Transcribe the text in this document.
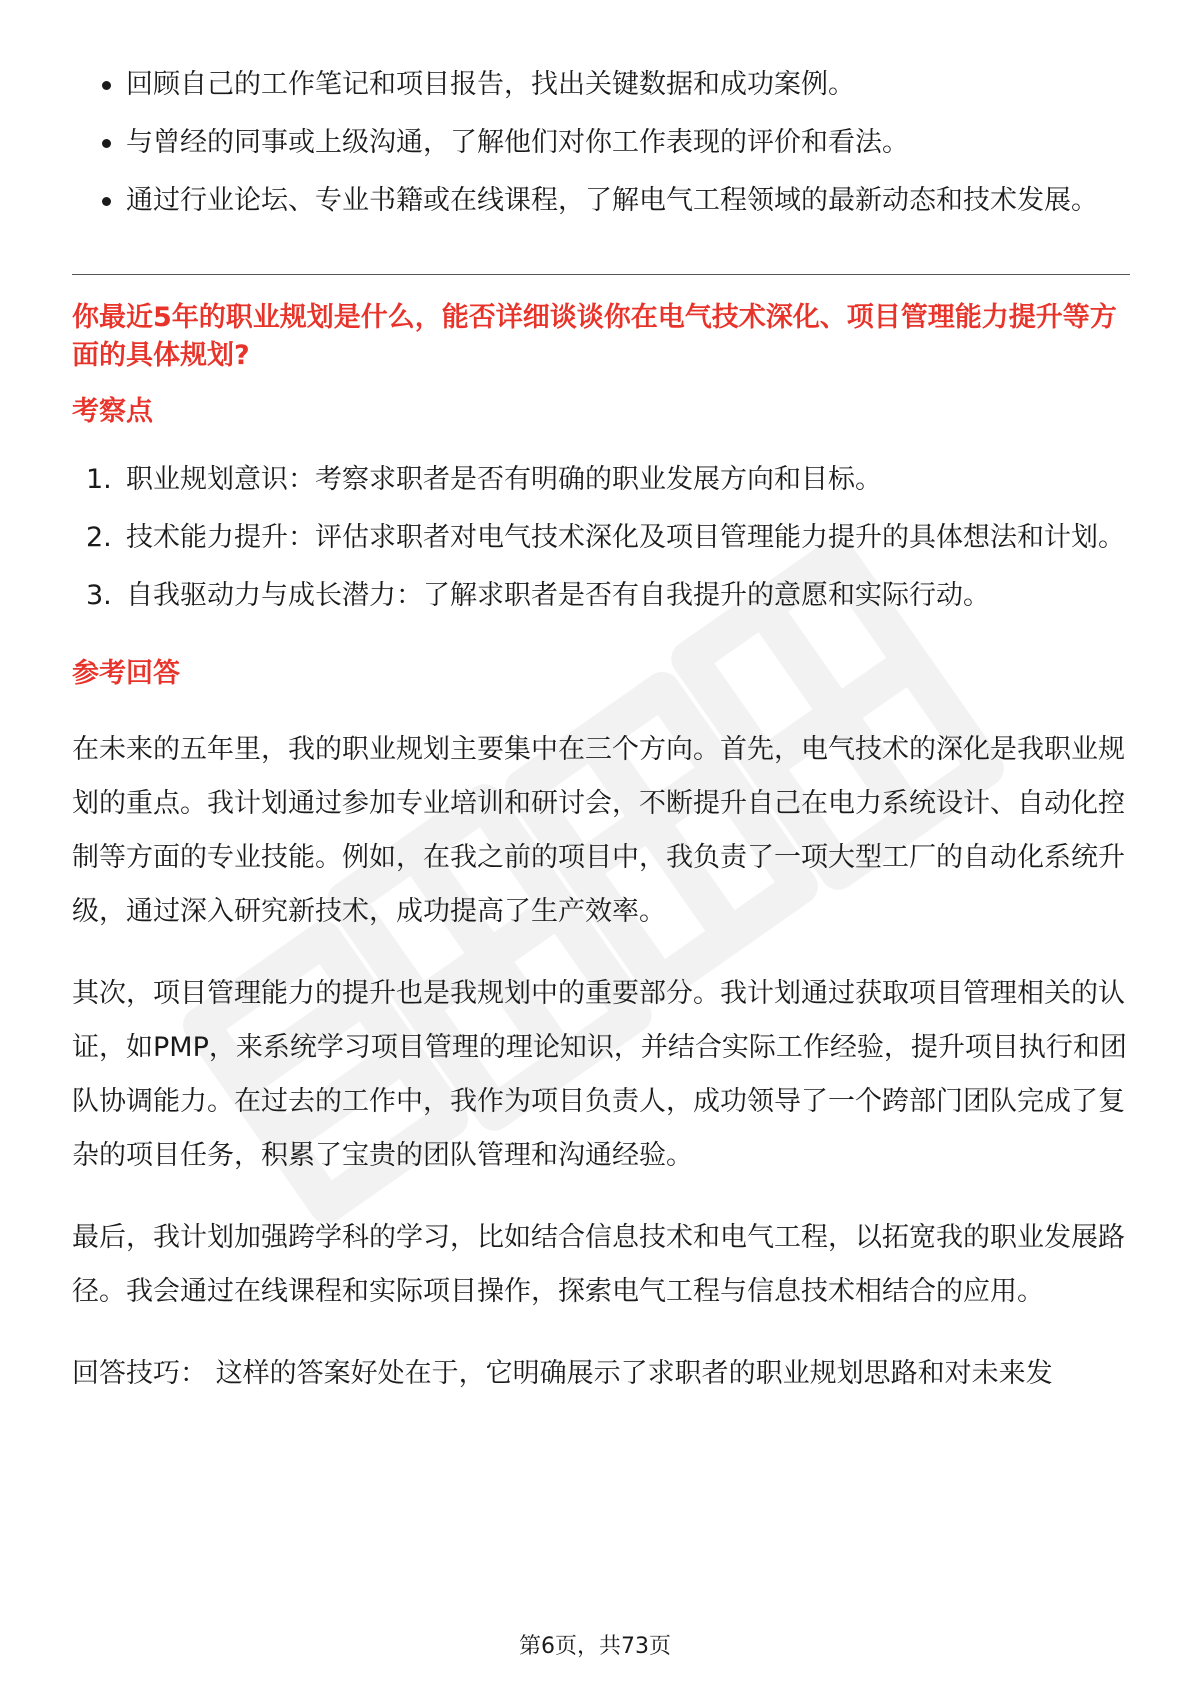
回顾自己的工作笔记和项目报告，找出关键数据和成功案例。
与曾经的同事或上级沟通，了解他们对你工作表现的评价和看法。
通过行业论坛、专业书籍或在线课程，了解电气工程领域的最新动态和技术发展。
你最近5年的职业规划是什么，能否详细谈谈你在电气技术深化、项目管理能力提升等方面的具体规划?
考察点
1. 职业规划意识：考察求职者是否有明确的职业发展方向和目标。
2. 技术能力提升：评估求职者对电气技术深化及项目管理能力提升的具体想法和计划。
3. 自我驱动力与成长潜力：了解求职者是否有自我提升的意愿和实际行动。
参考回答

在未来的五年里，我的职业规划主要集中在三个方向。首先，电气技术的深化是我职业规划的重点。我计划通过参加专业培训和研讨会，不断提升自己在电力系统设计、自动化控制等方面的专业技能。例如，在我之前的项目中，我负责了一项大型工厂的自动化系统升级，通过深入研究新技术，成功提高了生产效率。

其次，项目管理能力的提升也是我规划中的重要部分。我计划通过获取项目管理相关的认证，如PMP，来系统学习项目管理的理论知识，并结合实际工作经验，提升项目执行和团队协调能力。在过去的工作中，我作为项目负责人，成功领导了一个跨部门团队完成了复杂的项目任务，积累了宝贵的团队管理和沟通经验。

最后，我计划加强跨学科的学习，比如结合信息技术和电气工程，以拓宽我的职业发展路径。我会通过在线课程和实际项目操作，探索电气工程与信息技术相结合的应用。

回答技巧： 这样的答案好处在于，它明确展示了求职者的职业规划思路和对未来发

第6页，共73页
